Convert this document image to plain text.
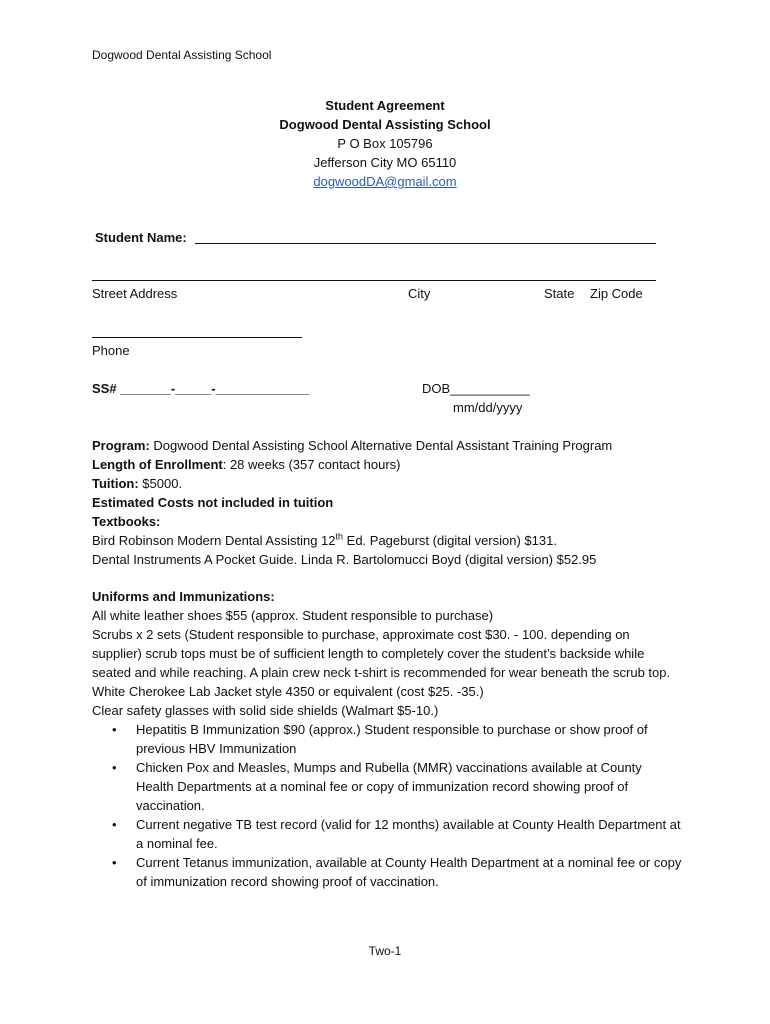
Dogwood Dental Assisting School
Student Agreement
Dogwood Dental Assisting School
P O Box 105796
Jefferson City MO 65110
dogwoodDA@gmail.com
Student Name:
Street Address	City	State Zip Code
Phone
SS# _______-_____-_____________	DOB___________
mm/dd/yyyy

Program: Dogwood Dental Assisting School Alternative Dental Assistant Training Program

Length of Enrollment: 28 weeks (357 contact hours)

Tuition: $5000.

Estimated Costs not included in tuition

Textbooks:

Bird Robinson Modern Dental Assisting 12th Ed. Pageburst (digital version) $131.

Dental Instruments A Pocket Guide. Linda R. Bartolomucci Boyd (digital version) $52.95

Uniforms and Immunizations:

All white leather shoes $55 (approx. Student responsible to purchase)

Scrubs x 2 sets (Student responsible to purchase, approximate cost $30. - 100. depending on supplier) scrub tops must be of sufficient length to completely cover the student’s backside while seated and while reaching. A plain crew neck t-shirt is recommended for wear beneath the scrub top.

White Cherokee Lab Jacket style 4350 or equivalent (cost $25. -35.)

Clear safety glasses with solid side shields (Walmart $5-10.)

• Hepatitis B Immunization $90 (approx.) Student responsible to purchase or show proof of previous HBV Immunization
• Chicken Pox and Measles, Mumps and Rubella (MMR) vaccinations available at County Health Departments at a nominal fee or copy of immunization record showing proof of vaccination.
• Current negative TB test record (valid for 12 months) available at County Health Department at a nominal fee.
• Current Tetanus immunization, available at County Health Department at a nominal fee or copy of immunization record showing proof of vaccination.
Two-1
